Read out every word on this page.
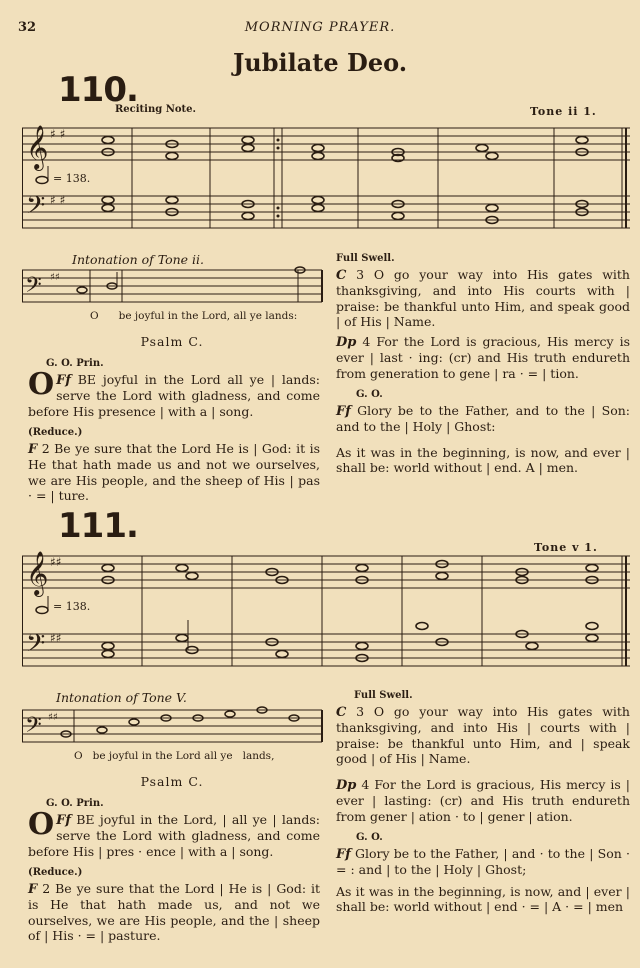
32	MORNING PRAYER.
Jubilate Deo.
110.
Reciting Note.	Tone ii 1.
𝄞 ♯ ♯
𝄢 ♯ ♯
= 138.
Intonation of Tone ii.
𝄢 ♯♯
O      be joyful in the Lord, all ye lands:
Psalm C.
G. O. Prin.

Ff
O BE joyful in the Lord all ye | lands: serve the Lord with gladness, and come before His presence | with a | song.

(Reduce.)

F 2 Be ye sure that the Lord He is | God: it is He that hath made us and not we ourselves, we are His people, and the sheep of His | pas · = | ture.

Full Swell.

C 3 O go your way into His gates with thanksgiving, and into His courts with | praise: be thankful unto Him, and speak good | of His | Name.

Dp 4 For the Lord is gracious, His mercy is ever | last · ing: (cr) and His truth endureth from generation to gene | ra · = | tion.

G. O.

Ff Glory be to the Father, and to the | Son: and to the | Holy | Ghost:

As it was in the beginning, is now, and ever | shall be: world without | end. A | men.

111.
Tone v 1.
𝄞 ♯♯
𝄢 ♯♯
= 138.
Intonation of Tone V.
𝄢 ♯♯
O   be joyful in the Lord all ye   lands,
Psalm C.
G. O. Prin.

Ff
O BE joyful in the Lord, | all ye | lands: serve the Lord with gladness, and come before His | pres · ence | with a | song.

(Reduce.)

F 2 Be ye sure that the Lord | He is | God: it is He that hath made us, and not we ourselves, we are His people, and the | sheep of | His · = | pasture.

Full Swell.

C 3 O go your way into His gates with thanksgiving, and into His | courts with | praise: be thankful unto Him, and | speak good | of His | Name.

Dp 4 For the Lord is gracious, His mercy is | ever | lasting: (cr) and His truth endureth from gener | ation · to | gener | ation.

G. O.

Ff Glory be to the Father, | and · to the | Son · = : and | to the | Holy | Ghost;

As it was in the beginning, is now, and | ever | shall be: world without | end · = | A · = | men
